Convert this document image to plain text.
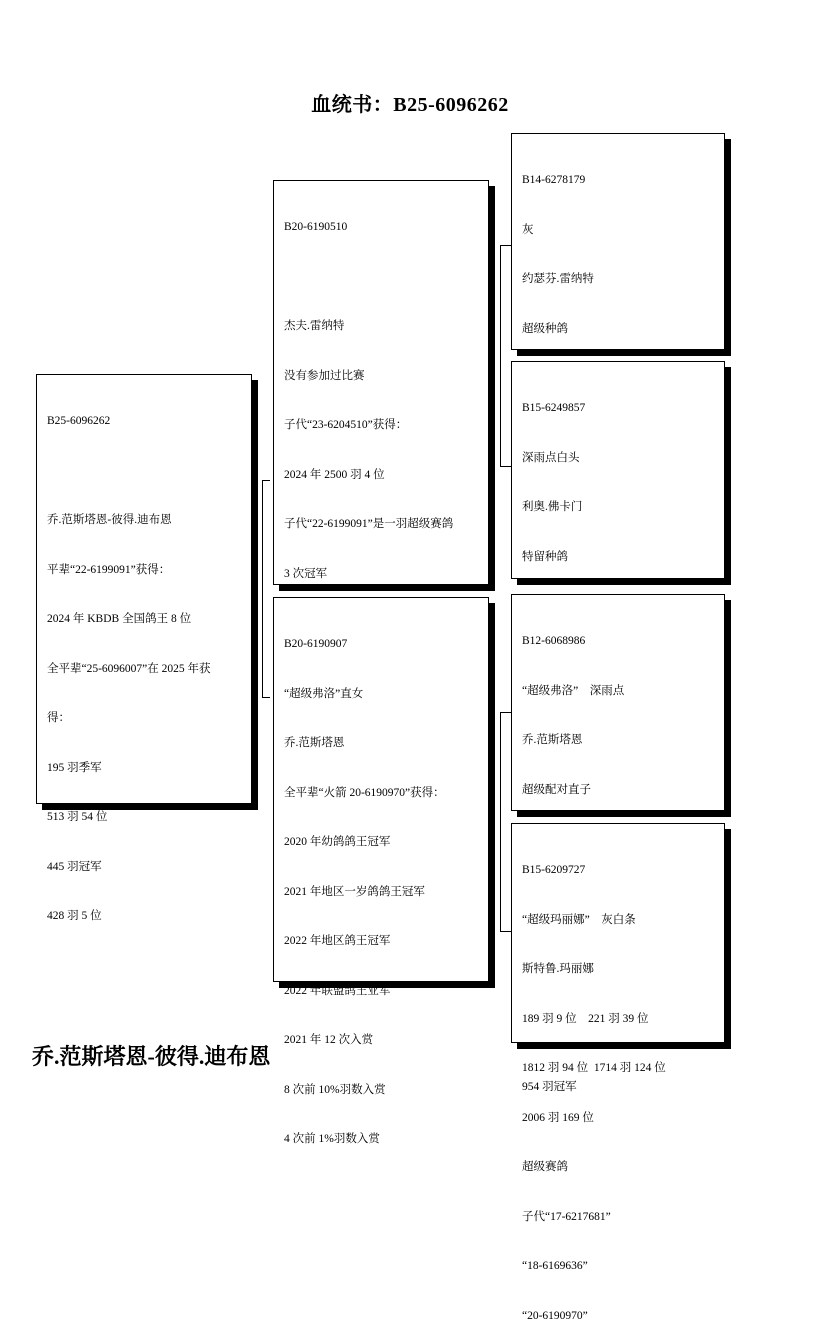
血统书：B25-6096262

B25-6096262

乔.范斯塔恩-彼得.迪布恩

平辈“22-6199091”获得：

2024 年 KBDB 全国鸽王 8 位

全平辈“25-6096007”在 2025 年获

得：

195 羽季军

513 羽 54 位

445 羽冠军

428 羽 5 位

B20-6190510

杰夫.雷纳特

没有参加过比赛

子代“23-6204510”获得：

2024 年 2500 羽 4 位

子代“22-6199091”是一羽超级赛鸽

3 次冠军

B20-6190907

“超级弗洛”直女

乔.范斯塔恩

全平辈“火箭 20-6190970”获得：

2020 年幼鸽鸽王冠军

2021 年地区一岁鸽鸽王冠军

2022 年地区鸽王冠军

2022 年联盟鸽王亚军

2021 年 12 次入赏

8 次前 10%羽数入赏

4 次前 1%羽数入赏

B14-6278179

灰

约瑟芬.雷纳特

超级种鸽

B15-6249857

深雨点白头

利奥.佛卡门

特留种鸽

B12-6068986

“超级弗洛”    深雨点

乔.范斯塔恩

超级配对直子

954 羽冠军

B15-6209727

“超级玛丽娜”    灰白条

斯特鲁.玛丽娜

189 羽 9 位    221 羽 39 位

1812 羽 94 位  1714 羽 124 位

2006 羽 169 位

超级赛鸽

子代“17-6217681”

“18-6169636”

“20-6190970”

乔.范斯塔恩-彼得.迪布恩
